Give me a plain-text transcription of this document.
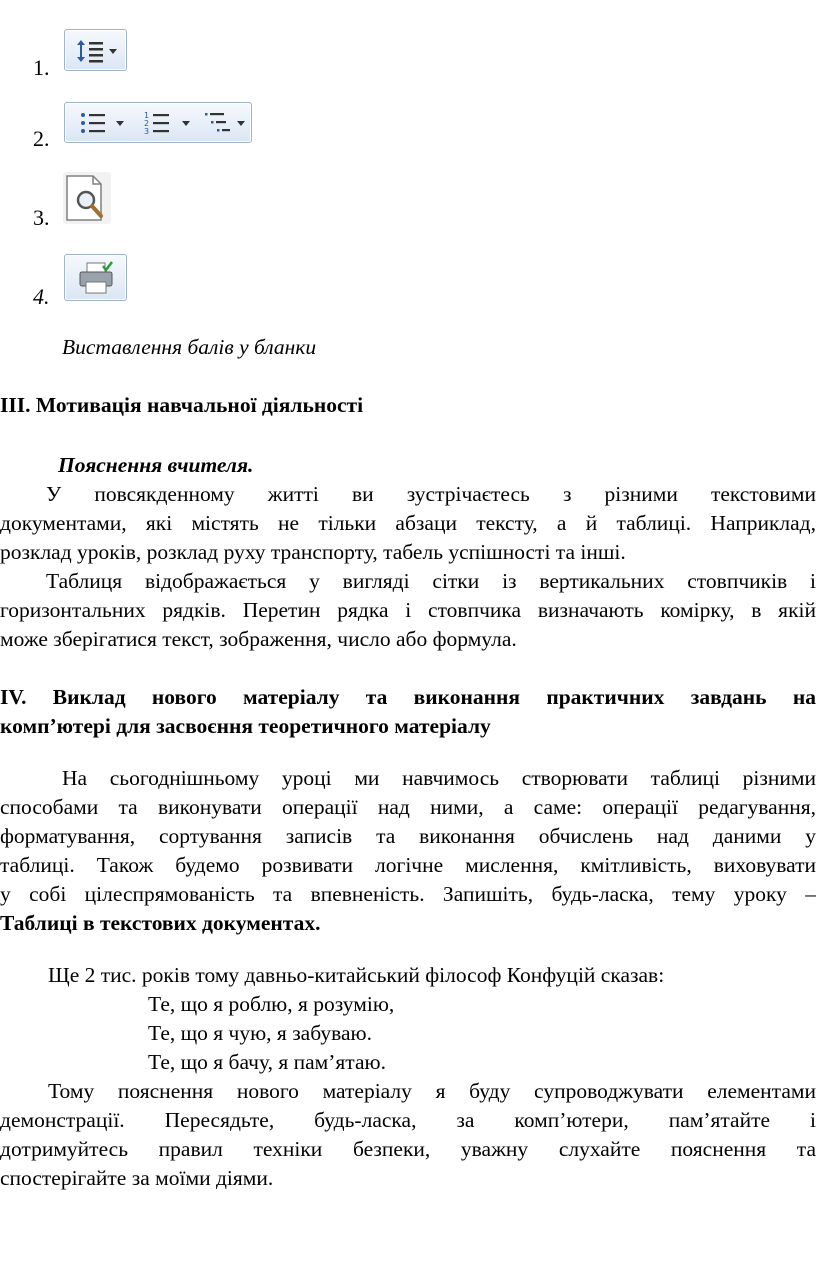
1.
2.
1
2
3
3.
4.
Виставлення балів у бланки
ІІІ. Мотивація навчальної діяльності
Пояснення вчителя.
У повсякденному житті ви зустрічаєтесь з різними текстовими
документами, які містять не тільки абзаци тексту, а й таблиці. Наприклад,
розклад уроків, розклад руху транспорту, табель успішності та інші.
Таблиця відображається у вигляді сітки із вертикальних стовпчиків і
горизонтальних рядків. Перетин рядка і стовпчика визначають комірку, в якій
може зберігатися текст, зображення, число або формула.
IV. Виклад нового матеріалу та виконання практичних завдань на
комп’ютері для засвоєння теоретичного матеріалу
На сьогоднішньому уроці ми навчимось створювати таблиці різними
способами та виконувати операції над ними, а саме: операції редагування,
форматування, сортування записів та виконання обчислень над даними у
таблиці. Також будемо розвивати логічне мислення, кмітливість, виховувати
у собі цілеспрямованість та впевненість. Запишіть, будь-ласка, тему уроку –
Таблиці в текстових документах.
Ще 2 тис. років тому давньо-китайський філософ Конфуцій сказав:
Те, що я роблю, я розумію,
Те, що я чую, я забуваю.
Те, що я бачу, я пам’ятаю.
Тому пояснення нового матеріалу я буду супроводжувати елементами
демонстрації. Пересядьте, будь-ласка, за комп’ютери, пам’ятайте і
дотримуйтесь правил техніки безпеки, уважну слухайте пояснення та
спостерігайте за моїми діями.
